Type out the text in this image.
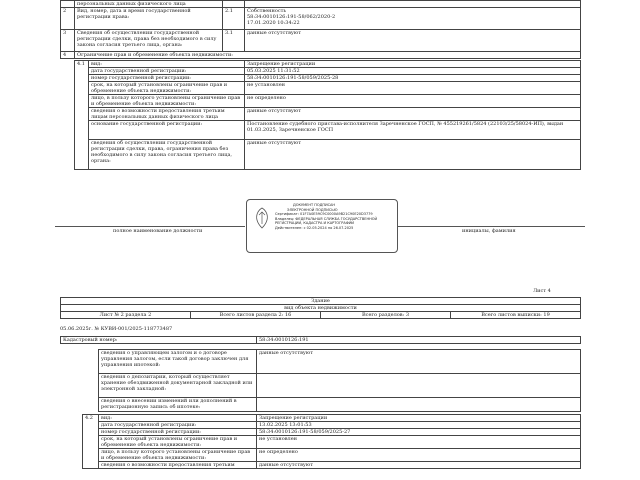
	персональных данных физического лица		
2	Вид, номер, дата и время государственной регистрации права:	2.1	Собственность
58:34:0010126:191-58/062/2020-2
17.01.2020 10:34:22
3	Сведения об осуществлении государственной регистрации сделки, права без необходимого в силу закона согласия третьего лица, органа:	3.1	данные отсутствуют
4	Ограничение прав и обременение объекта недвижимости:		
4.1	вид:	Запрещение регистрации
	дата государственной регистрации:	05.03.2025 11:31:52
	номер государственной регистрации:	58:34:0010126:191-58/059/2025-28
	срок, на который установлены ограничение прав и обременение объекта недвижимости:	не установлен
	лицо, в пользу которого установлены ограничение прав и обременение объекта недвижимости:	не определено
	сведения о возможности предоставления третьим лицам персональных данных физического лица	данные отсутствуют
	основание государственной регистрации:	Постановление судебного пристава-исполнителя Заречненское ГОСП, № 455219261/5824 (22103/25/58024-ИП), выдан 01.03.2025, Заречненское ГОСП
	сведения об осуществлении государственной регистрации сделки, права, ограничения права без необходимого в силу закона согласия третьего лица, органа:	данные отсутствуют
полное наименование должности	инициалы, фамилия
ДОКУМЕНТ ПОДПИСАН
ЭЛЕКТРОННОЙ ПОДПИСЬЮ
Сертификат: 01F7A0E59C9C0000A9B21C90E20D3779
Владелец: ФЕДЕРАЛЬНАЯ СЛУЖБА ГОСУДАРСТВЕННОЙ
РЕГИСТРАЦИИ, КАДАСТРА И КАРТОГРАФИИ
Действителен: с 02.05.2024 по 26.07.2025
Лист 4
Здание
вид объекта недвижимости
Лист № 2 раздела 2	Всего листов раздела 2: 16	Всего разделов: 3	Всего листов выписки: 19
05.06.2025г. № КУВИ-001/2025-118773487
Кадастровый номер:	58:34:0010126:191
сведения о управляющем залогом и о договоре управления залогом, если такой договор заключен для управления ипотекой:	данные отсутствуют
сведения о депозитарии, который осуществляет хранение обездвиженной документарной закладной или электронной закладной:	
сведения о внесении изменений или дополнений в регистрационную запись об ипотеке:	
4.2	вид:	Запрещение регистрации
	дата государственной регистрации:	13.02.2025 13:01:53
	номер государственной регистрации:	58:34:0010126:191-58/059/2025-27
	срок, на который установлены ограничение прав и обременение объекта недвижимости:	не установлен
	лицо, в пользу которого установлены ограничение прав и обременение объекта недвижимости:	не определено
	сведения о возможности предоставления третьим	данные отсутствуют
